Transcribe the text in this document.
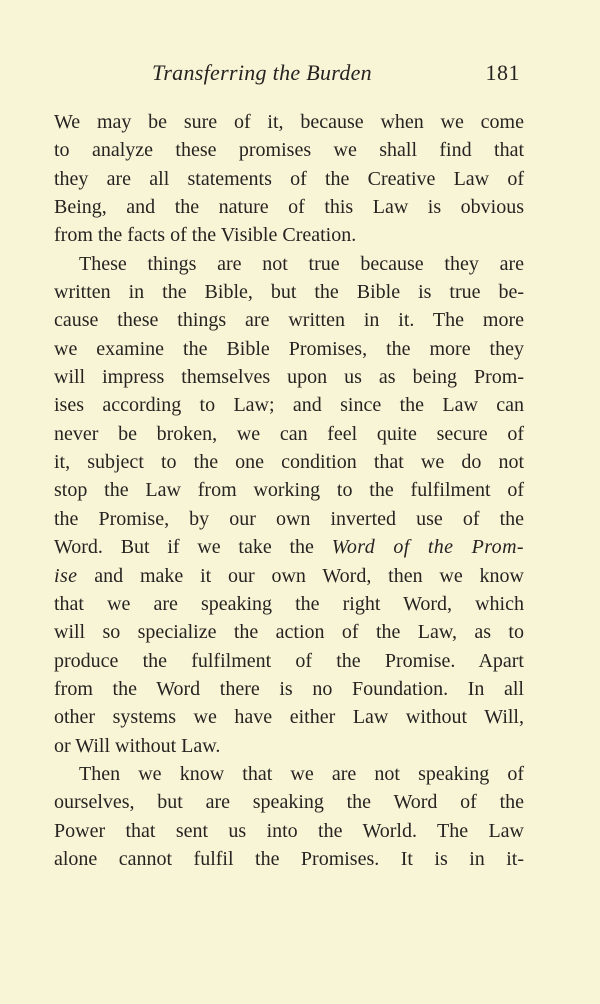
Transferring the Burden	181
We may be sure of it, because when we come
to analyze these promises we shall find that
they are all statements of the Creative Law of
Being, and the nature of this Law is obvious
from the facts of the Visible Creation.
These things are not true because they are
written in the Bible, but the Bible is true be-
cause these things are written in it. The more
we examine the Bible Promises, the more they
will impress themselves upon us as being Prom-
ises according to Law; and since the Law can
never be broken, we can feel quite secure of
it, subject to the one condition that we do not
stop the Law from working to the fulfilment of
the Promise, by our own inverted use of the
Word. But if we take the Word of the Prom-
ise and make it our own Word, then we know
that we are speaking the right Word, which
will so specialize the action of the Law, as to
produce the fulfilment of the Promise. Apart
from the Word there is no Foundation. In all
other systems we have either Law without Will,
or Will without Law.
Then we know that we are not speaking of
ourselves, but are speaking the Word of the
Power that sent us into the World. The Law
alone cannot fulfil the Promises. It is in it-
